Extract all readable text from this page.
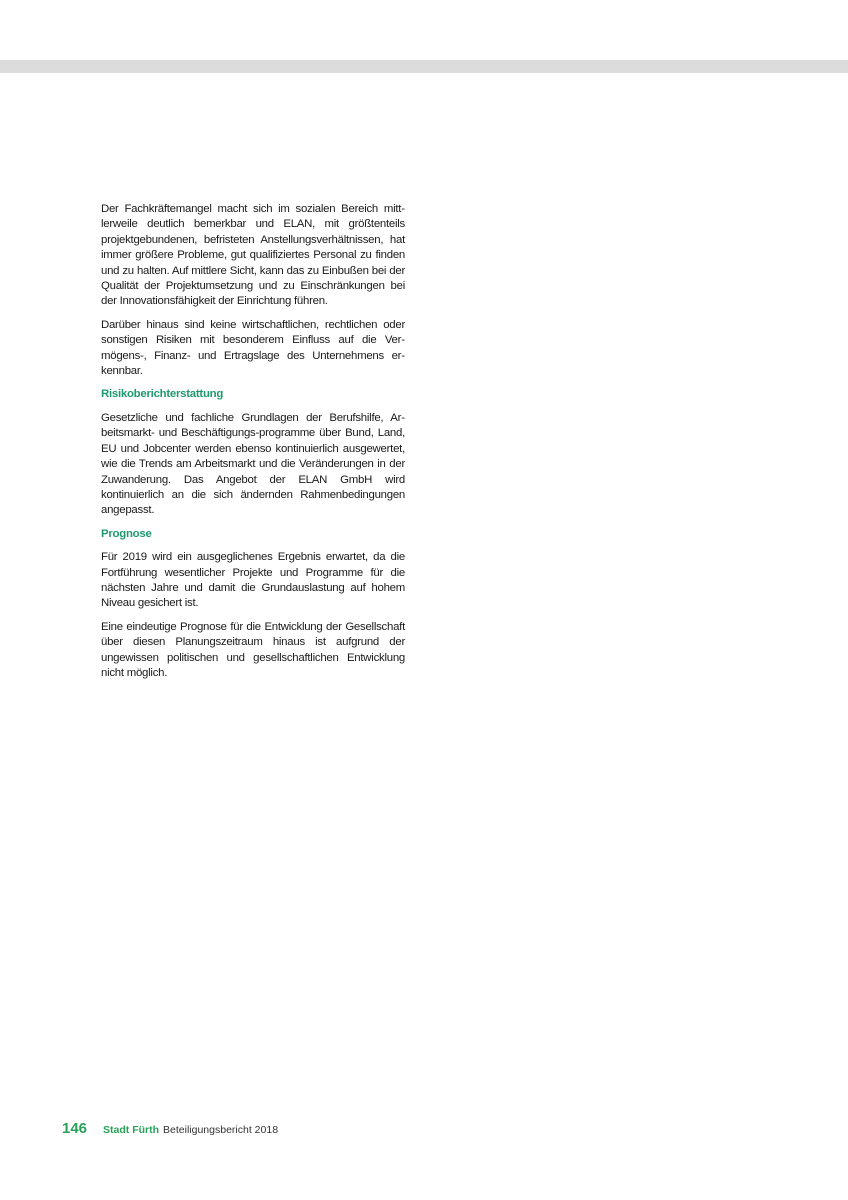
Der Fachkräftemangel macht sich im sozialen Bereich mittlerweile deutlich bemerkbar und ELAN, mit größtenteils projektgebundenen, befristeten Anstellungsverhältnissen, hat immer größere Probleme, gut qualifiziertes Personal zu finden und zu halten. Auf mittlere Sicht, kann das zu Einbußen bei der Qualität der Projektumsetzung und zu Einschränkungen bei der Innovationsfähigkeit der Einrichtung führen.

Darüber hinaus sind keine wirtschaftlichen, rechtlichen oder sonstigen Risiken mit besonderem Einfluss auf die Vermögens-, Finanz- und Ertragslage des Unternehmens erkennbar.

Risikoberichterstattung

Gesetzliche und fachliche Grundlagen der Berufshilfe, Arbeitsmarkt- und Beschäftigungs-programme über Bund, Land, EU und Jobcenter werden ebenso kontinuierlich ausgewertet, wie die Trends am Arbeitsmarkt und die Veränderungen in der Zuwanderung. Das Angebot der ELAN GmbH wird kontinuierlich an die sich ändernden Rahmenbedingungen angepasst.

Prognose

Für 2019 wird ein ausgeglichenes Ergebnis erwartet, da die Fortführung wesentlicher Projekte und Programme für die nächsten Jahre und damit die Grundauslastung auf hohem Niveau gesichert ist.

Eine eindeutige Prognose für die Entwicklung der Gesellschaft über diesen Planungszeitraum hinaus ist aufgrund der ungewissen politischen und gesellschaftlichen Entwicklung nicht möglich.

146 Stadt Fürth Beteiligungsbericht 2018
